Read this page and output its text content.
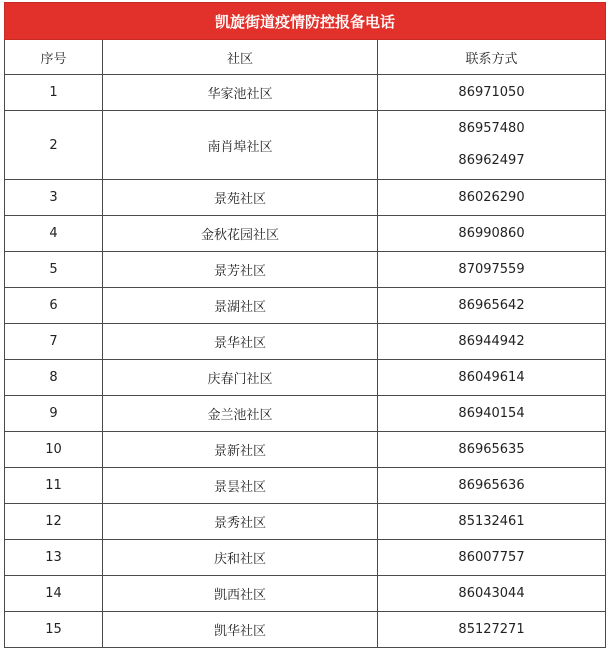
凯旋街道疫情防控报备电话		
序号	社区	联系方式
1	华家池社区	86971050

2	南肖埠社区	86957480
86962497

3	景苑社区	86026290

4	金秋花园社区	86990860

5	景芳社区	87097559

6	景湖社区	86965642

7	景华社区	86944942

8	庆春门社区	86049614

9	金兰池社区	86940154

10	景新社区	86965635

11	景昙社区	86965636

12	景秀社区	85132461

13	庆和社区	86007757

14	凯西社区	86043044

15	凯华社区	85127271
